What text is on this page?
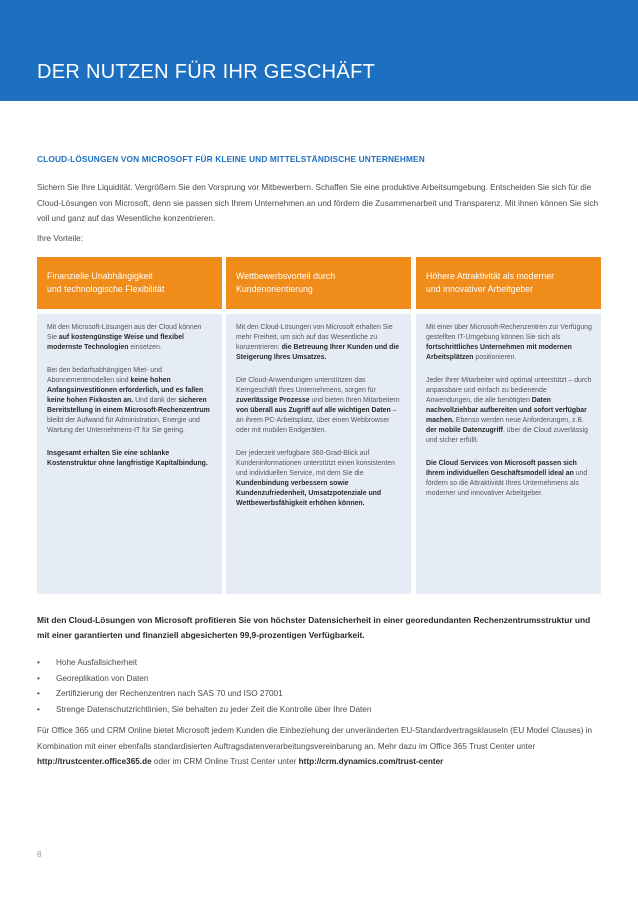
DER NUTZEN FÜR IHR GESCHÄFT
CLOUD-LÖSUNGEN VON MICROSOFT FÜR KLEINE UND MITTELSTÄNDISCHE UNTERNEHMEN

Sichern Sie Ihre Liquidität. Vergrößern Sie den Vorsprung vor Mitbewerbern. Schaffen Sie eine produktive Arbeitsumgebung. Entscheiden Sie sich für die Cloud-Lösungen von Microsoft, denn sie passen sich Ihrem Unternehmen an und fördern die Zusammenarbeit und Transparenz. Mit ihnen können Sie sich voll und ganz auf das Wesentliche konzentrieren.

Ihre Vorteile:

Finanzielle Unabhängigkeit
und technologische Flexibilität

Mit den Microsoft-Lösungen aus der Cloud können Sie auf kostengünstige Weise und flexibel modernste Technologien einsetzen.

Bei den bedarfsabhängigen Miet- und Abonnementmodellen sind keine hohen Anfangsinvestitionen erforderlich, und es fallen keine hohen Fixkosten an. Und dank der sicheren Bereitstellung in einem Microsoft-Rechenzentrum bleibt der Aufwand für Administration, Energie und Wartung der Unternehmens-IT für Sie gering.

Insgesamt erhalten Sie eine schlanke Kostenstruktur ohne langfristige Kapitalbindung.

Wettbewerbsvorteil durch
Kundenorientierung

Mit den Cloud-Lösungen von Microsoft erhalten Sie mehr Freiheit, um sich auf das Wesentliche zu konzentrieren: die Betreuung Ihrer Kunden und die Steigerung Ihres Umsatzes.

Die Cloud-Anwendungen unterstützen das Kerngeschäft Ihres Unternehmens, sorgen für zuverlässige Prozesse und bieten Ihren Mitarbeitern von überall aus Zugriff auf alle wichtigen Daten – an ihrem PC-Arbeitsplatz, über einen Webbrowser oder mit mobilen Endgeräten.

Der jederzeit verfügbare 360-Grad-Blick auf Kundeninformationen unterstützt einen konsistenten und individuellen Service, mit dem Sie die Kundenbindung verbessern sowie Kundenzufriedenheit, Umsatzpotenziale und Wettbewerbsfähigkeit erhöhen können.

Höhere Attraktivität als moderner
und innovativer Arbeitgeber

Mit einer über Microsoft-Rechenzentren zur Verfügung gestellten IT-Umgebung können Sie sich als fortschrittliches Unternehmen mit modernen Arbeitsplätzen positionieren.

Jeder Ihrer Mitarbeiter wird optimal unterstützt – durch anpassbare und einfach zu bedienende Anwendungen, die alle benötigten Daten nachvollziehbar aufbereiten und sofort verfügbar machen. Ebenso werden neue Anforderungen, z.B. der mobile Datenzugriff, über die Cloud zuverlässig und sicher erfüllt.

Die Cloud Services von Microsoft passen sich Ihrem individuellen Geschäftsmodell ideal an und fördern so die Attraktivität Ihres Unternehmens als moderner und innovativer Arbeitgeber.

Mit den Cloud-Lösungen von Microsoft profitieren Sie von höchster Datensicherheit in einer georedundanten Rechenzentrumsstruktur und mit einer garantierten und finanziell abgesicherten 99,9-prozentigen Verfügbarkeit.

• Hohe Ausfallsicherheit
• Georeplikation von Daten
• Zertifizierung der Rechenzentren nach SAS 70 und ISO 27001
• Strenge Datenschutzrichtlinien, Sie behalten zu jeder Zeit die Kontrolle über Ihre Daten

Für Office 365 und CRM Online bietet Microsoft jedem Kunden die Einbeziehung der unveränderten EU-Standardvertragsklauseln (EU Model Clauses) in Kombination mit einer ebenfalls standardisierten Auftragsdatenverarbeitungsvereinbarung an. Mehr dazu im Office 365 Trust Center unter http://trustcenter.office365.de oder im CRM Online Trust Center unter http://crm.dynamics.com/trust-center

8
